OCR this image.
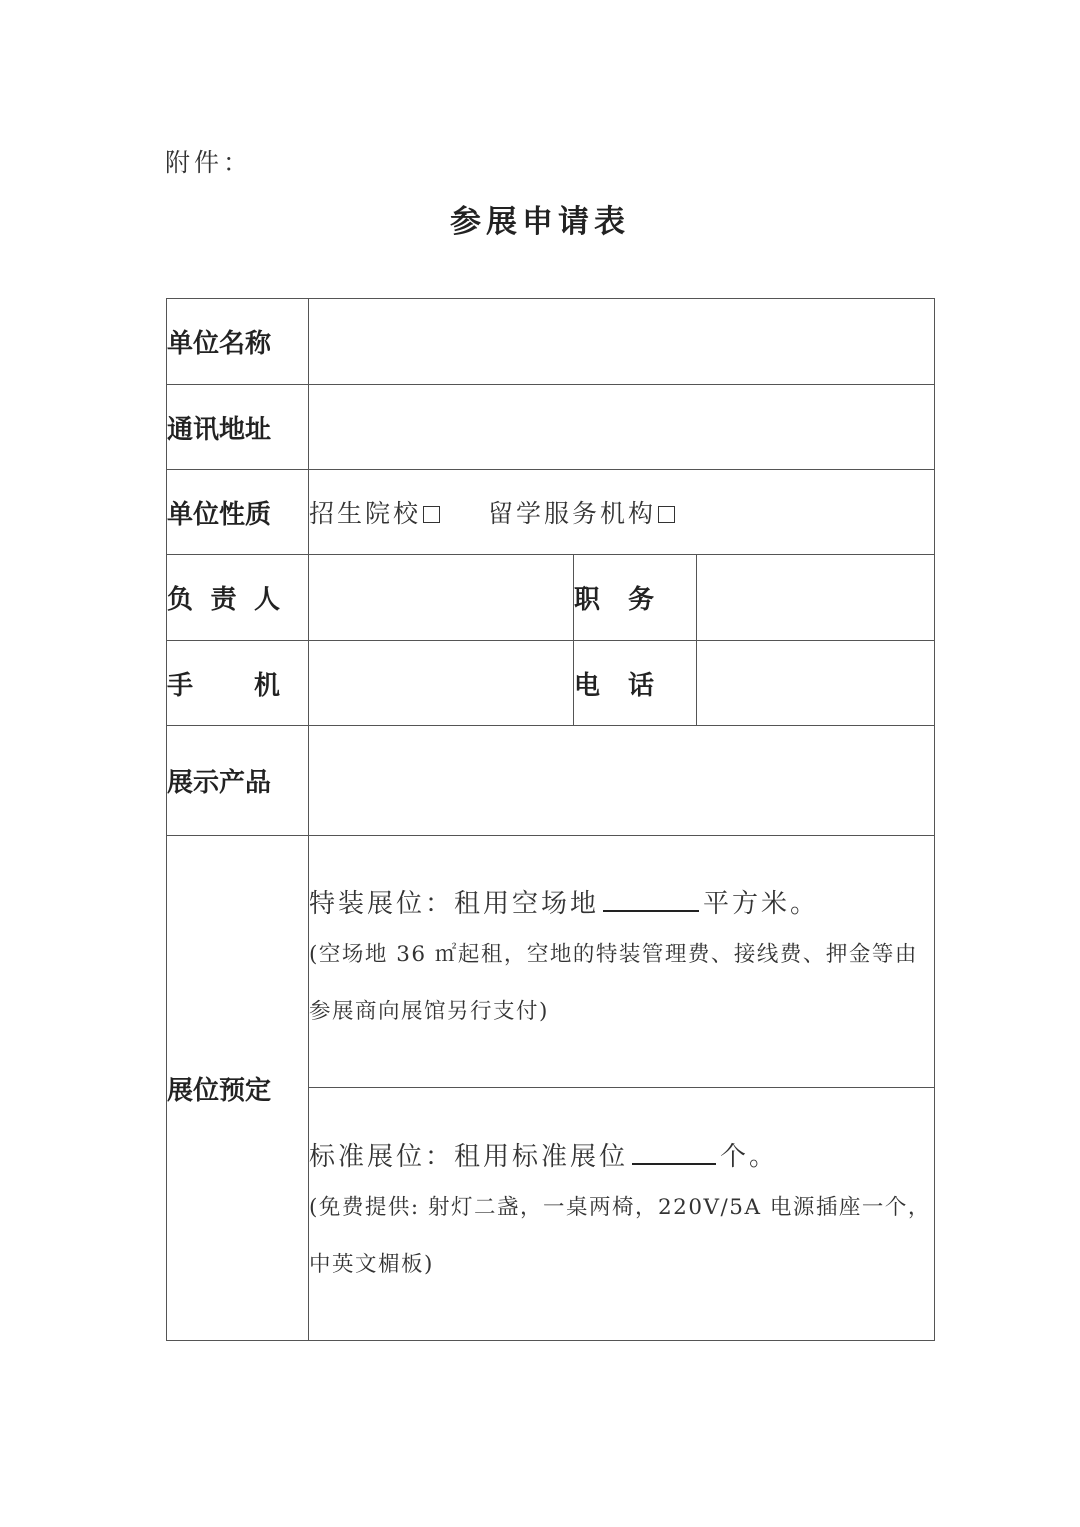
附件：
参展申请表
单位名称			
通讯地址			
单位性质	招生院校 留学服务机构		

负 责 人		职 务	

手 机		电 话	

展示产品			
展位预定	特装展位：租用空场地 平方米。
(空场地 36 ㎡起租，空地的特装管理费、接线费、押金等由参展商向展馆另行支付)		

	标准展位：租用标准展位 个。
(免费提供: 射灯二盏，一桌两椅，220V/5A 电源插座一个，中英文楣板)		
